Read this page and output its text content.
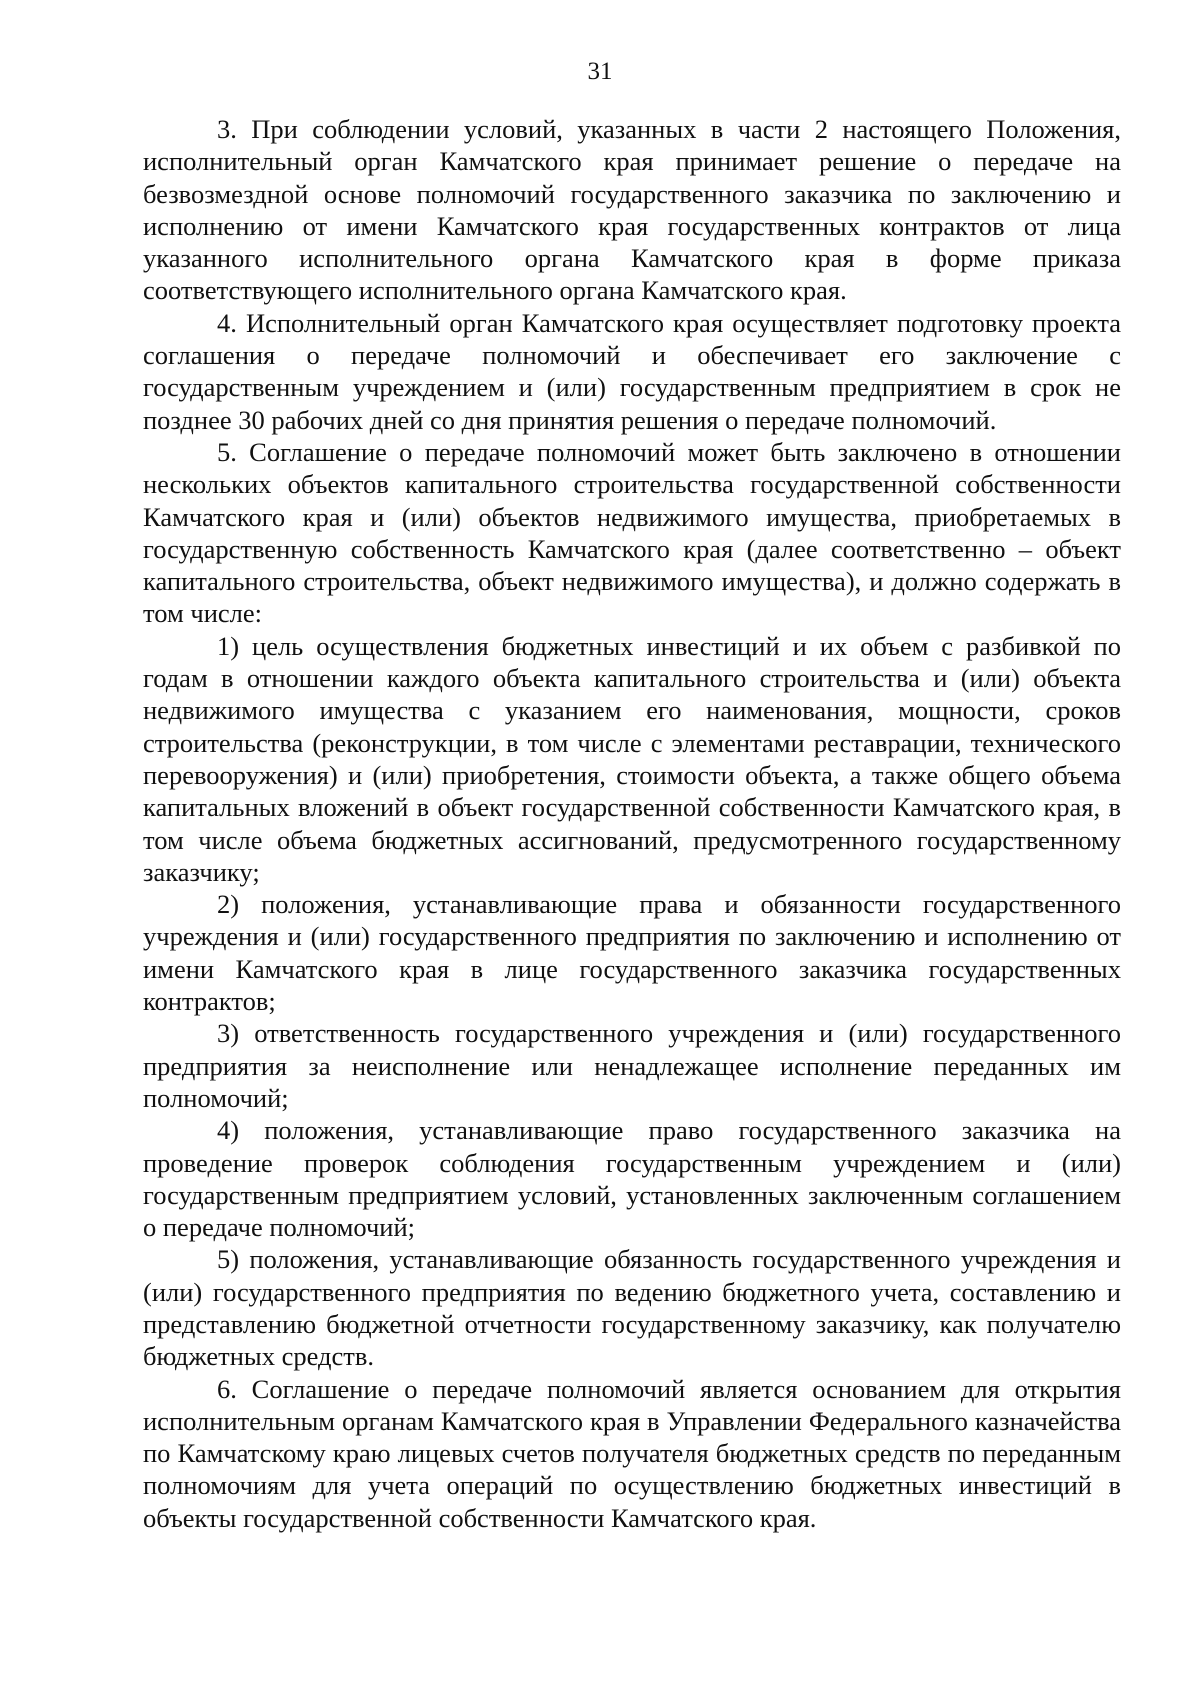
31

3. При соблюдении условий, указанных в части 2 настоящего Положения, исполнительный орган Камчатского края принимает решение о передаче на безвозмездной основе полномочий государственного заказчика по заключению и исполнению от имени Камчатского края государственных контрактов от лица указанного исполнительного органа Камчатского края в форме приказа соответствующего исполнительного органа Камчатского края.

4. Исполнительный орган Камчатского края осуществляет подготовку проекта соглашения о передаче полномочий и обеспечивает его заключение с государственным учреждением и (или) государственным предприятием в срок не позднее 30 рабочих дней со дня принятия решения о передаче полномочий.

5. Соглашение о передаче полномочий может быть заключено в отношении нескольких объектов капитального строительства государственной собственности Камчатского края и (или) объектов недвижимого имущества, приобретаемых в государственную собственность Камчатского края (далее соответственно – объект капитального строительства, объект недвижимого имущества), и должно содержать в том числе:

1) цель осуществления бюджетных инвестиций и их объем с разбивкой по годам в отношении каждого объекта капитального строительства и (или) объекта недвижимого имущества с указанием его наименования, мощности, сроков строительства (реконструкции, в том числе с элементами реставрации, технического перевооружения) и (или) приобретения, стоимости объекта, а также общего объема капитальных вложений в объект государственной собственности Камчатского края, в том числе объема бюджетных ассигнований, предусмотренного государственному заказчику;

2) положения, устанавливающие права и обязанности государственного учреждения и (или) государственного предприятия по заключению и исполнению от имени Камчатского края в лице государственного заказчика государственных контрактов;

3) ответственность государственного учреждения и (или) государственного предприятия за неисполнение или ненадлежащее исполнение переданных им полномочий;

4) положения, устанавливающие право государственного заказчика на проведение проверок соблюдения государственным учреждением и (или) государственным предприятием условий, установленных заключенным соглашением о передаче полномочий;

5) положения, устанавливающие обязанность государственного учреждения и (или) государственного предприятия по ведению бюджетного учета, составлению и представлению бюджетной отчетности государственному заказчику, как получателю бюджетных средств.

6. Соглашение о передаче полномочий является основанием для открытия исполнительным органам Камчатского края в Управлении Федерального казначейства по Камчатскому краю лицевых счетов получателя бюджетных средств по переданным полномочиям для учета операций по осуществлению бюджетных инвестиций в объекты государственной собственности Камчатского края.
